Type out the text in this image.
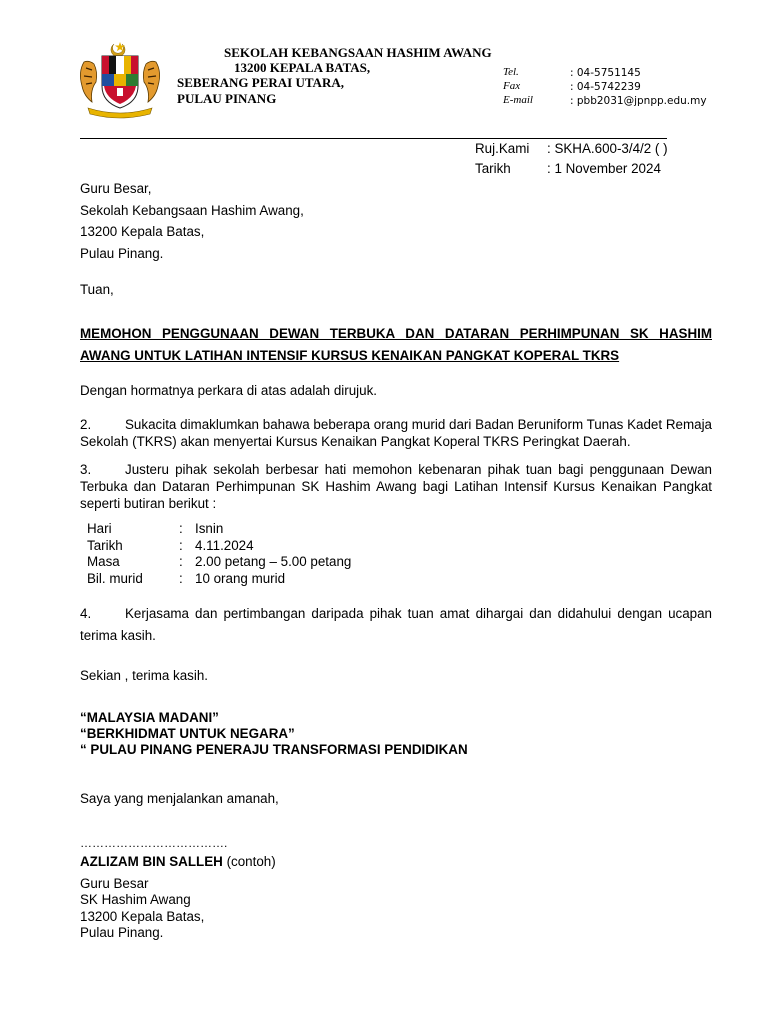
SEKOLAH KEBANGSAAN HASHIM AWANG
13200 KEPALA BATAS,
SEBERANG PERAI UTARA,
PULAU PINANG
Tel.	: 04-5751145
Fax	: 04-5742239
E-mail	: pbb2031@jpnpp.edu.my
Ruj.Kami : SKHA.600-3/4/2 ( )
Tarikh	: 1 November 2024
Guru Besar,
Sekolah Kebangsaan Hashim Awang,
13200 Kepala Batas,
Pulau Pinang.
Tuan,
MEMOHON PENGGUNAAN DEWAN TERBUKA DAN DATARAN PERHIMPUNAN SK HASHIM
AWANG UNTUK LATIHAN INTENSIF KURSUS KENAIKAN PANGKAT KOPERAL TKRS
Dengan hormatnya perkara di atas adalah dirujuk.
2.	Sukacita dimaklumkan bahawa beberapa orang murid dari Badan Beruniform Tunas Kadet Remaja Sekolah (TKRS) akan menyertai Kursus Kenaikan Pangkat Koperal TKRS Peringkat Daerah.
3.	Justeru pihak sekolah berbesar hati memohon kebenaran pihak tuan bagi penggunaan Dewan Terbuka dan Dataran Perhimpunan SK Hashim Awang bagi Latihan Intensif Kursus Kenaikan Pangkat seperti butiran berikut :
Hari	:	Isnin
Tarikh	:	4.11.2024
Masa	:	2.00 petang – 5.00 petang
Bil. murid	:	10 orang murid
4.	Kerjasama dan pertimbangan daripada pihak tuan amat dihargai dan didahului dengan ucapan terima kasih.
Sekian , terima kasih.
“MALAYSIA MADANI”
“BERKHIDMAT UNTUK NEGARA”
“ PULAU PINANG PENERAJU TRANSFORMASI PENDIDIKAN
Saya yang menjalankan amanah,
……………………………….
AZLIZAM BIN SALLEH (contoh)
Guru Besar
SK Hashim Awang
13200 Kepala Batas,
Pulau Pinang.
